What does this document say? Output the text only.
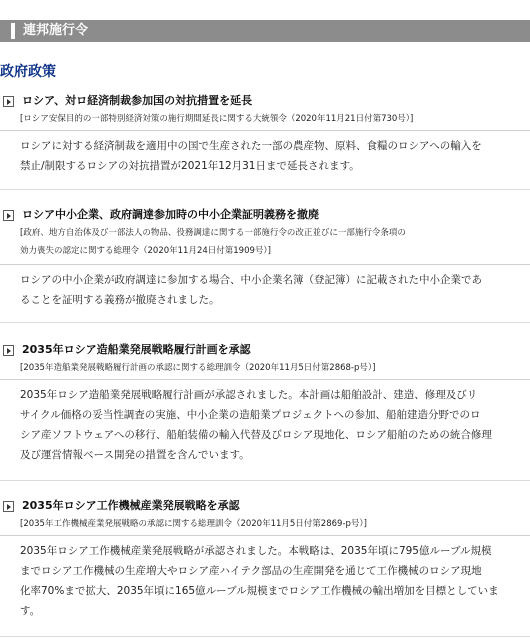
連邦施行令
政府政策
ロシア、対ロ経済制裁参加国の対抗措置を延長
[ロシア安保目的の一部特別経済対策の施行期間延長に関する大統領令（2020年11月21日付第730号）]
ロシアに対する経済制裁を適用中の国で生産された一部の農産物、原料、食糧のロシアへの輸入を
禁止/制限するロシアの対抗措置が2021年12月31日まで延長されます。
ロシア中小企業、政府調達参加時の中小企業証明義務を撤廃
[政府、地方自治体及び一部法人の物品、役務調達に関する一部施行令の改正並びに一部施行令条項の
効力喪失の認定に関する総理令（2020年11月24日付第1909号）]
ロシアの中小企業が政府調達に参加する場合、中小企業名簿（登記簿）に記載された中小企業であ
ることを証明する義務が撤廃されました。
2035年ロシア造船業発展戦略履行計画を承認
[2035年造船業発展戦略履行計画の承認に関する総理訓令（2020年11月5日付第2868-р号）]
2035年ロシア造船業発展戦略履行計画が承認されました。本計画は船舶設計、建造、修理及びリ
サイクル価格の妥当性調査の実施、中小企業の造船業プロジェクトへの参加、船舶建造分野でのロ
シア産ソフトウェアへの移行、船舶装備の輸入代替及びロシア現地化、ロシア船舶のための統合修理
及び運営情報ベース開発の措置を含んでいます。
2035年ロシア工作機械産業発展戦略を承認
[2035年工作機械産業発展戦略の承認に関する総理訓令（2020年11月5日付第2869-р号）]
2035年ロシア工作機械産業発展戦略が承認されました。本戦略は、2035年頃に795億ルーブル規模
までロシア工作機械の生産増大やロシア産ハイテク部品の生産開発を通じて工作機械のロシア現地
化率70%まで拡大、2035年頃に165億ルーブル規模までロシア工作機械の輸出増加を目標としていま
す。
